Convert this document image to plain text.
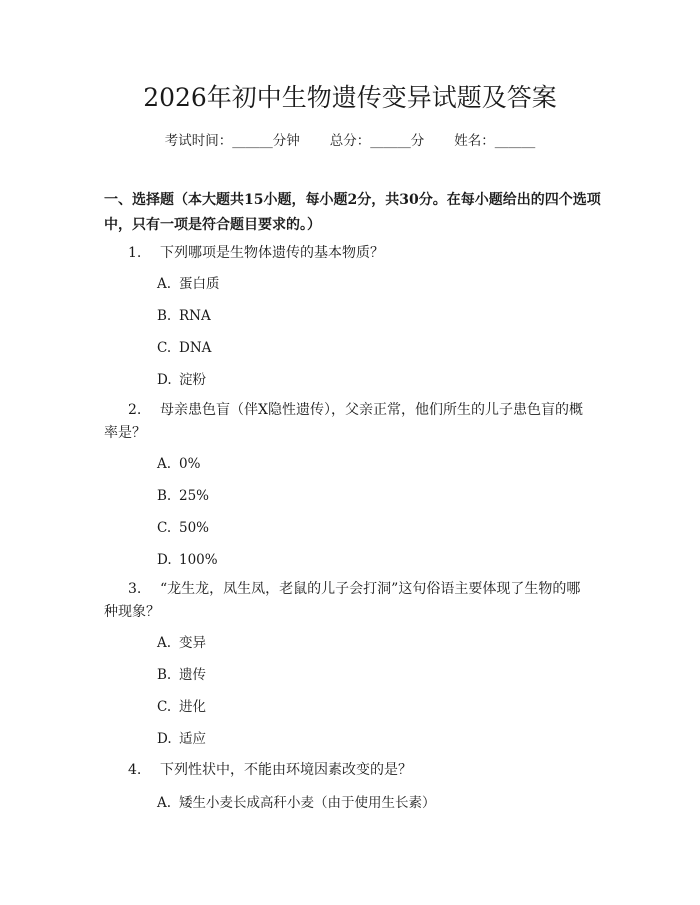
2026年初中生物遗传变异试题及答案
考试时间：______分钟 总分：______分 姓名：______
一、选择题（本大题共15小题，每小题2分，共30分。在每小题给出的四个选项中，只有一项是符合题目要求的。）
1. 下列哪项是生物体遗传的基本物质？
A. 蛋白质
B. RNA
C. DNA
D. 淀粉
2. 母亲患色盲（伴X隐性遗传），父亲正常，他们所生的儿子患色盲的概率是？
A. 0%
B. 25%
C. 50%
D. 100%
3. “龙生龙，凤生凤，老鼠的儿子会打洞”这句俗语主要体现了生物的哪种现象？
A. 变异
B. 遗传
C. 进化
D. 适应
4. 下列性状中，不能由环境因素改变的是？
A. 矮生小麦长成高秆小麦（由于使用生长素）
